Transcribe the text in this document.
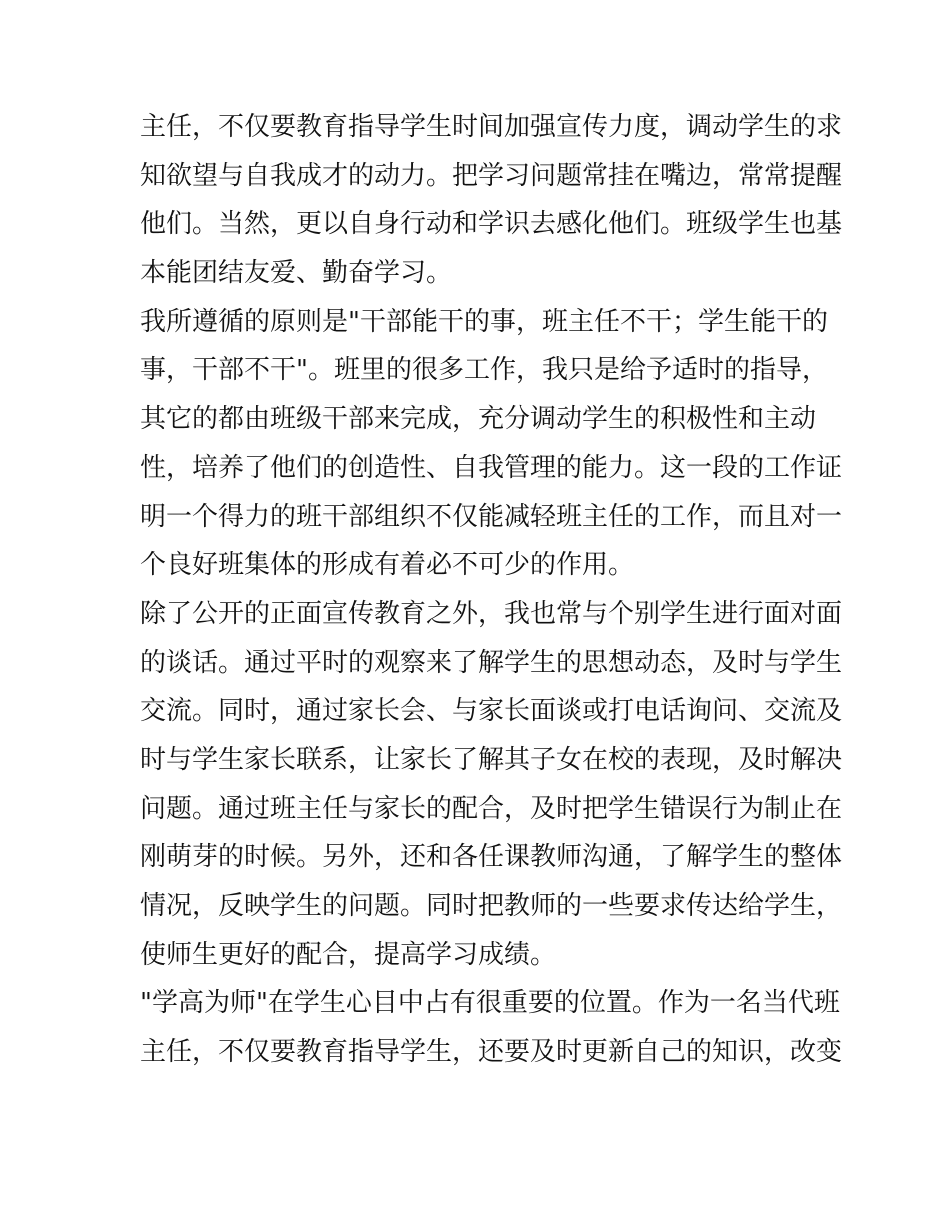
主任，不仅要教育指导学生时间加强宣传力度，调动学生的求
知欲望与自我成才的动力。把学习问题常挂在嘴边，常常提醒
他们。当然，更以自身行动和学识去感化他们。班级学生也基
本能团结友爱、勤奋学习。
我所遵循的原则是"干部能干的事，班主任不干；学生能干的
事，干部不干"。班里的很多工作，我只是给予适时的指导，
其它的都由班级干部来完成，充分调动学生的积极性和主动
性，培养了他们的创造性、自我管理的能力。这一段的工作证
明一个得力的班干部组织不仅能减轻班主任的工作，而且对一
个良好班集体的形成有着必不可少的作用。
除了公开的正面宣传教育之外，我也常与个别学生进行面对面
的谈话。通过平时的观察来了解学生的思想动态，及时与学生
交流。同时，通过家长会、与家长面谈或打电话询问、交流及
时与学生家长联系，让家长了解其子女在校的表现，及时解决
问题。通过班主任与家长的配合，及时把学生错误行为制止在
刚萌芽的时候。另外，还和各任课教师沟通，了解学生的整体
情况，反映学生的问题。同时把教师的一些要求传达给学生，
使师生更好的配合，提高学习成绩。
"学高为师"在学生心目中占有很重要的位置。作为一名当代班
主任，不仅要教育指导学生，还要及时更新自己的知识，改变
